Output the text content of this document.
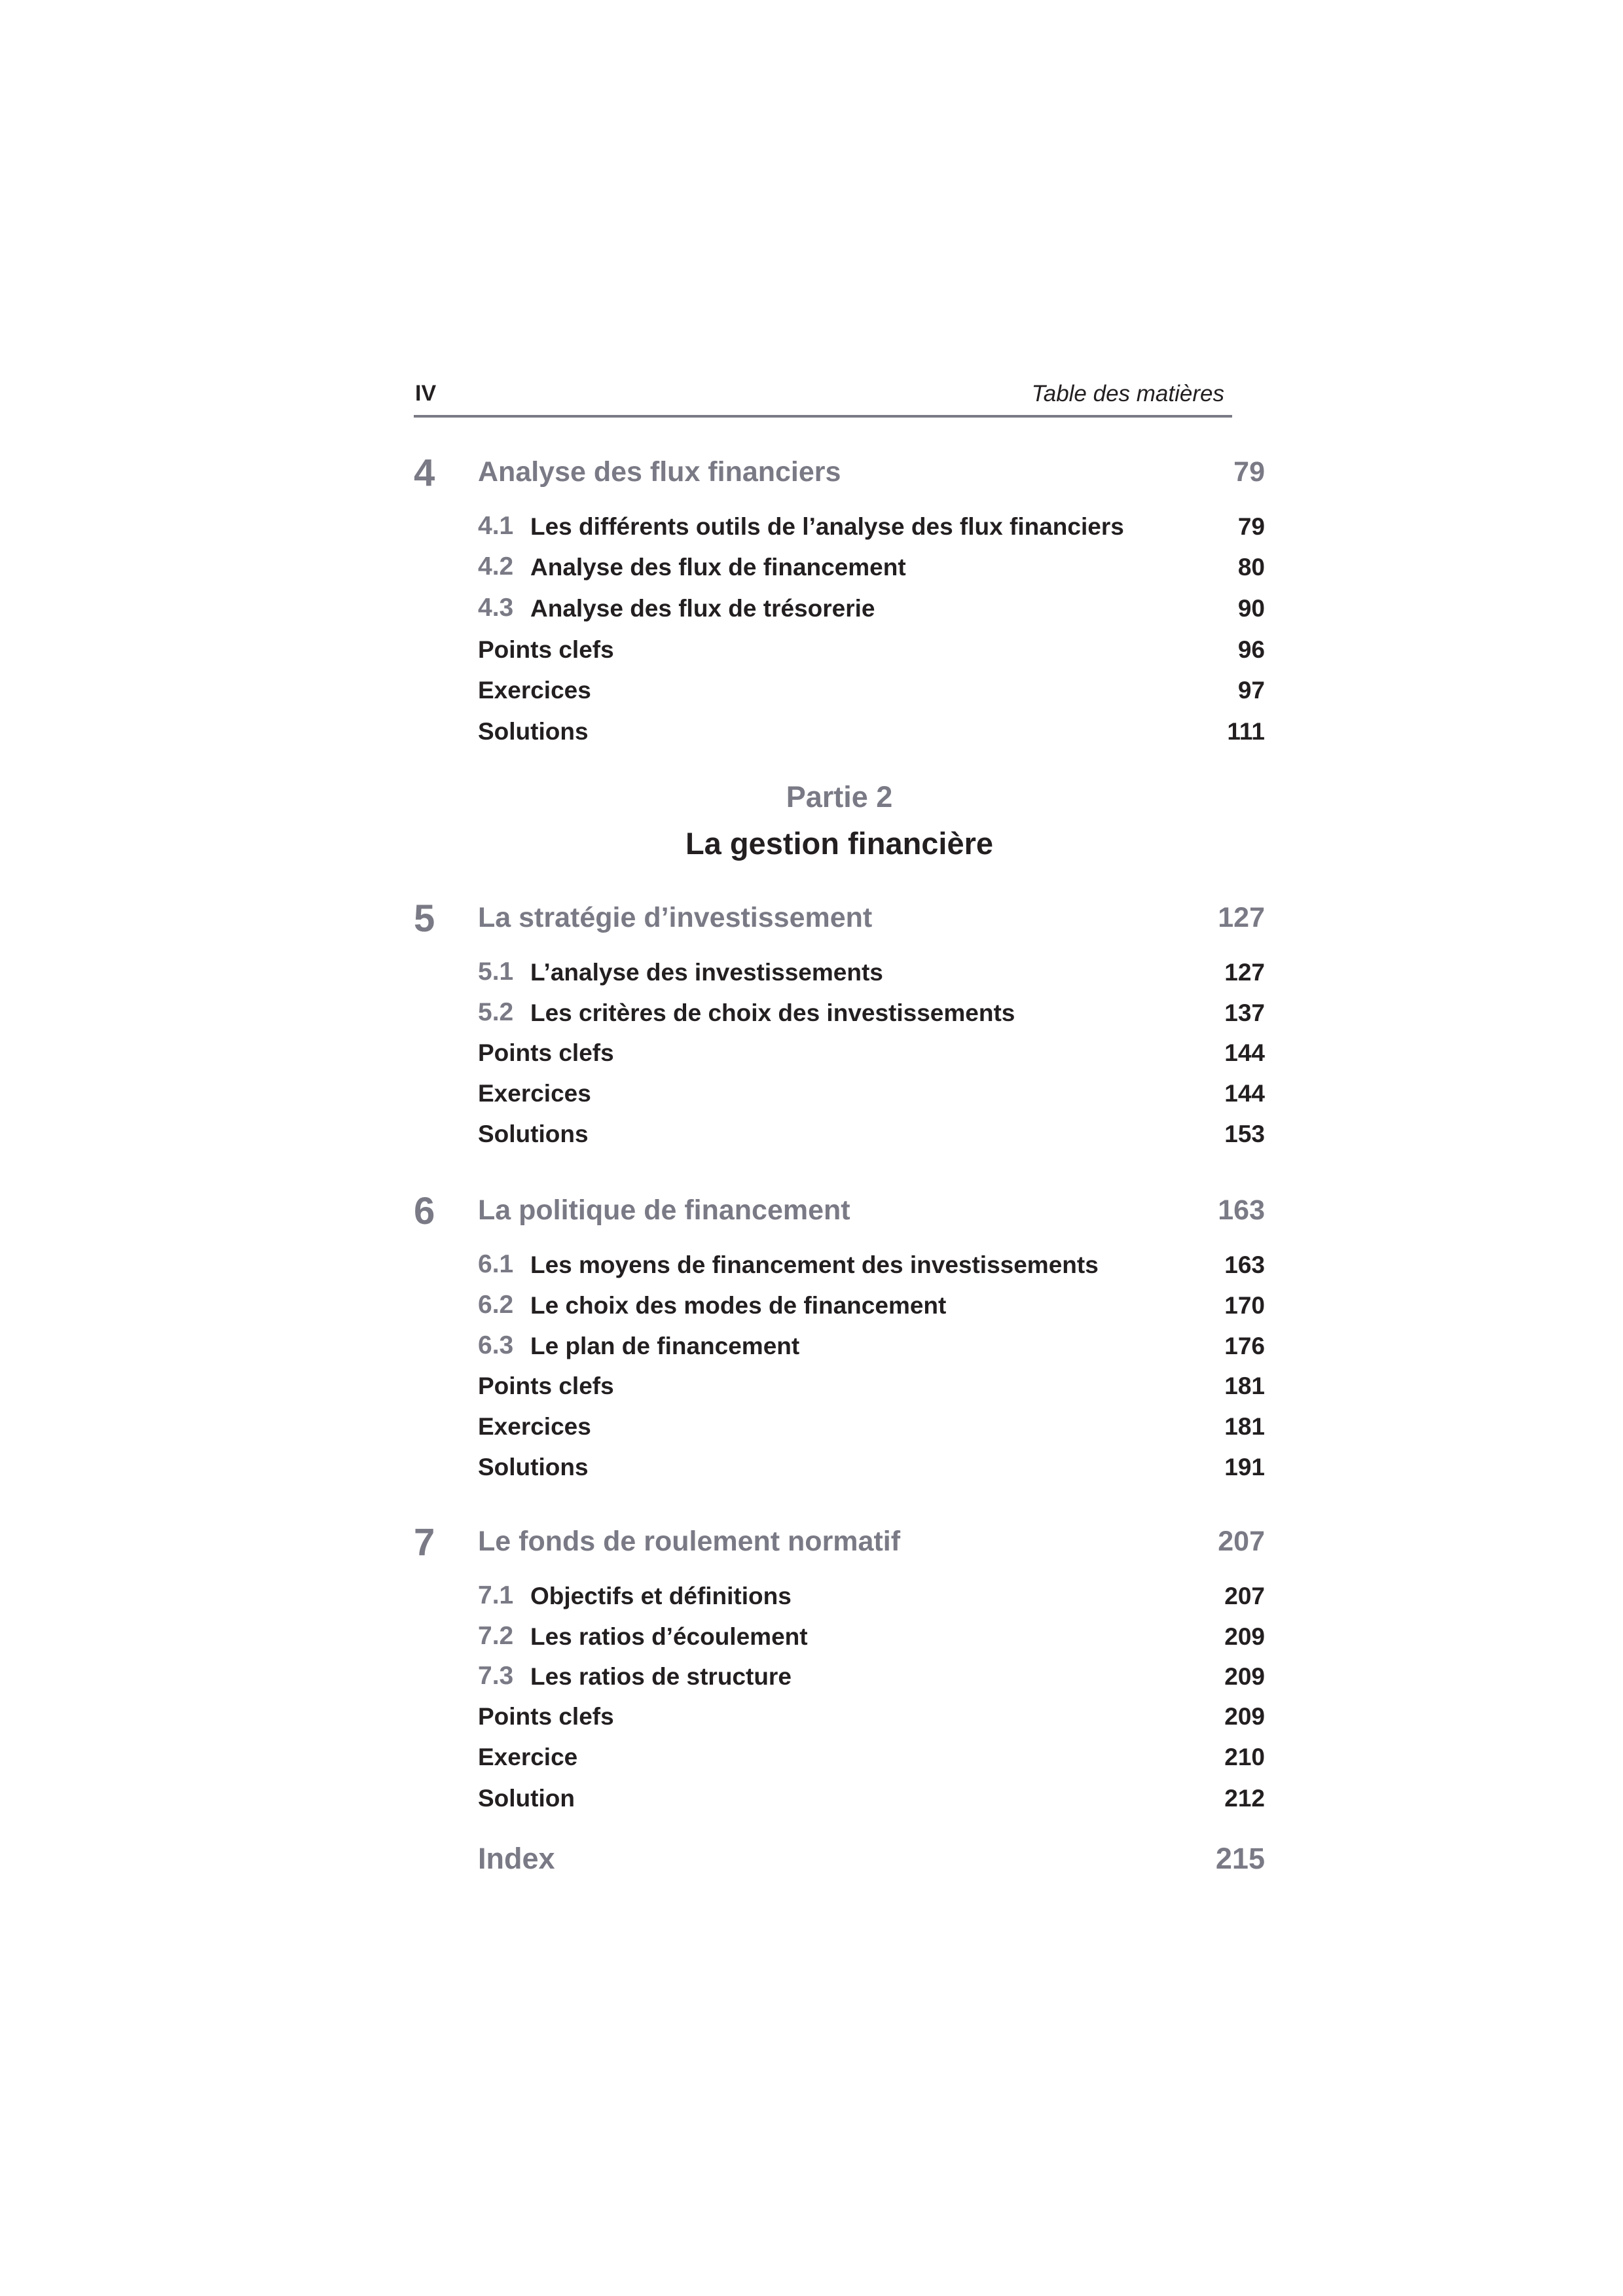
IV	Table des matières
4 Analyse des flux financiers	79
4.1 Les différents outils de l’analyse des flux financiers	79
4.2 Analyse des flux de financement	80
4.3 Analyse des flux de trésorerie	90
Points clefs	96
Exercices	97
Solutions	111
Partie 2
La gestion financière
5 La stratégie d’investissement	127
5.1 L’analyse des investissements	127
5.2 Les critères de choix des investissements	137
Points clefs	144
Exercices	144
Solutions	153
6 La politique de financement	163
6.1 Les moyens de financement des investissements	163
6.2 Le choix des modes de financement	170
6.3 Le plan de financement	176
Points clefs	181
Exercices	181
Solutions	191
7 Le fonds de roulement normatif	207
7.1 Objectifs et définitions	207
7.2 Les ratios d’écoulement	209
7.3 Les ratios de structure	209
Points clefs	209
Exercice	210
Solution	212
Index	215
